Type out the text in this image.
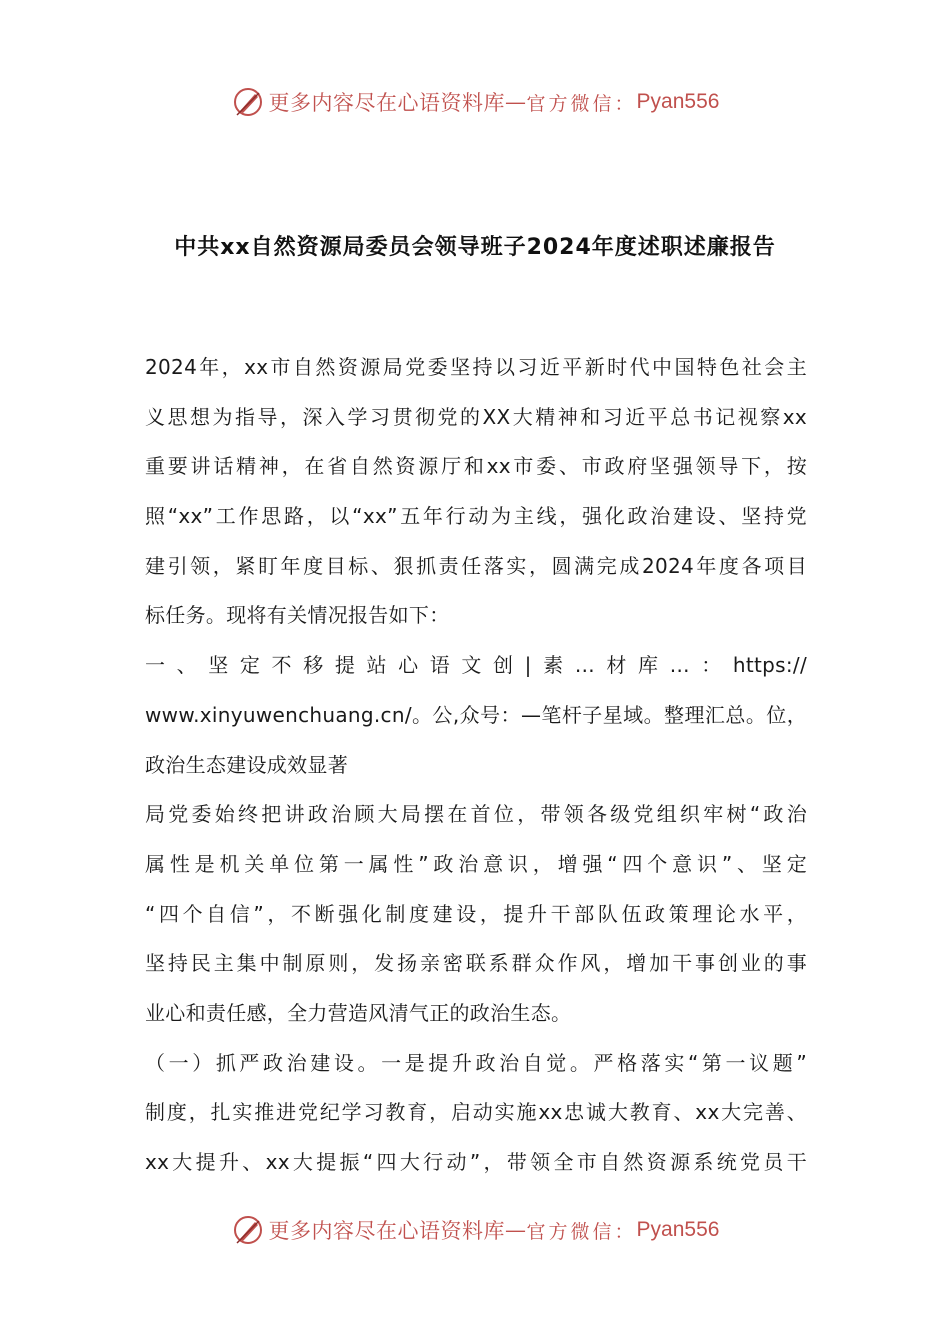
更多内容尽在心语资料库 — 官方微信： Pyan556
中共xx自然资源局委员会领导班子2024年度述职述廉报告
2024年，xx市自然资源局党委坚持以习近平新时代中国特色社会主
义思想为指导，深入学习贯彻党的XX大精神和习近平总书记视察xx
重要讲话精神，在省自然资源厅和xx市委、市政府坚强领导下，按
照“xx”工作思路，以“xx”五年行动为主线，强化政治建设、坚持党
建引领，紧盯年度目标、狠抓责任落实，圆满完成2024年度各项目
标任务。现将有关情况报告如下：
一、坚定不移提站心语文创|素…材库…：https://
www.xinyuwenchuang.cn/。公,众号：—笔杆子星域。整理汇总。位，
政治生态建设成效显著
局党委始终把讲政治顾大局摆在首位，带领各级党组织牢树“政治
属性是机关单位第一属性”政治意识，增强“四个意识”、坚定
“四个自信”，不断强化制度建设，提升干部队伍政策理论水平，
坚持民主集中制原则，发扬亲密联系群众作风，增加干事创业的事
业心和责任感，全力营造风清气正的政治生态。
（一）抓严政治建设。一是提升政治自觉。严格落实“第一议题”
制度，扎实推进党纪学习教育，启动实施xx忠诚大教育、xx大完善、
xx大提升、xx大提振“四大行动”，带领全市自然资源系统党员干
更多内容尽在心语资料库 — 官方微信： Pyan556
